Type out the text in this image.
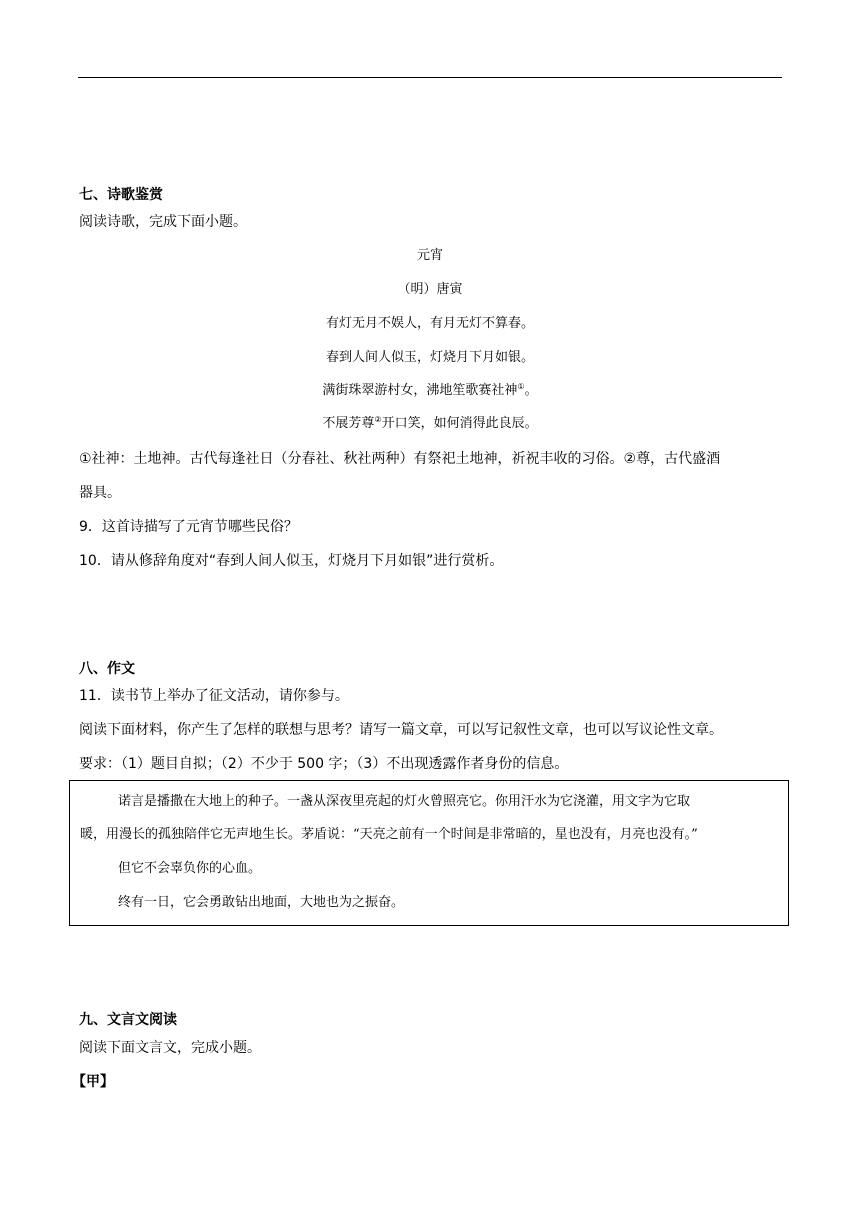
七、诗歌鉴赏
阅读诗歌，完成下面小题。
元宵
（明）唐寅
有灯无月不娱人，有月无灯不算春。
春到人间人似玉，灯烧月下月如银。
满街珠翠游村女，沸地笙歌赛社神①。
不展芳尊②开口笑，如何消得此良辰。
①社神：土地神。古代每逢社日（分春社、秋社两种）有祭祀土地神，祈祝丰收的习俗。②尊，古代盛酒
器具。
9．这首诗描写了元宵节哪些民俗？
10．请从修辞角度对“春到人间人似玉，灯烧月下月如银”进行赏析。
八、作文
11．读书节上举办了征文活动，请你参与。
阅读下面材料，你产生了怎样的联想与思考？请写一篇文章，可以写记叙性文章，也可以写议论性文章。
要求：（1）题目自拟；（2）不少于 500 字；（3）不出现透露作者身份的信息。
诺言是播撒在大地上的种子。一盏从深夜里亮起的灯火曾照亮它。你用汗水为它浇灌，用文字为它取
暖，用漫长的孤独陪伴它无声地生长。茅盾说：“天亮之前有一个时间是非常暗的，星也没有，月亮也没有。”
但它不会辜负你的心血。
终有一日，它会勇敢钻出地面，大地也为之振奋。
九、文言文阅读
阅读下面文言文，完成小题。
【甲】
